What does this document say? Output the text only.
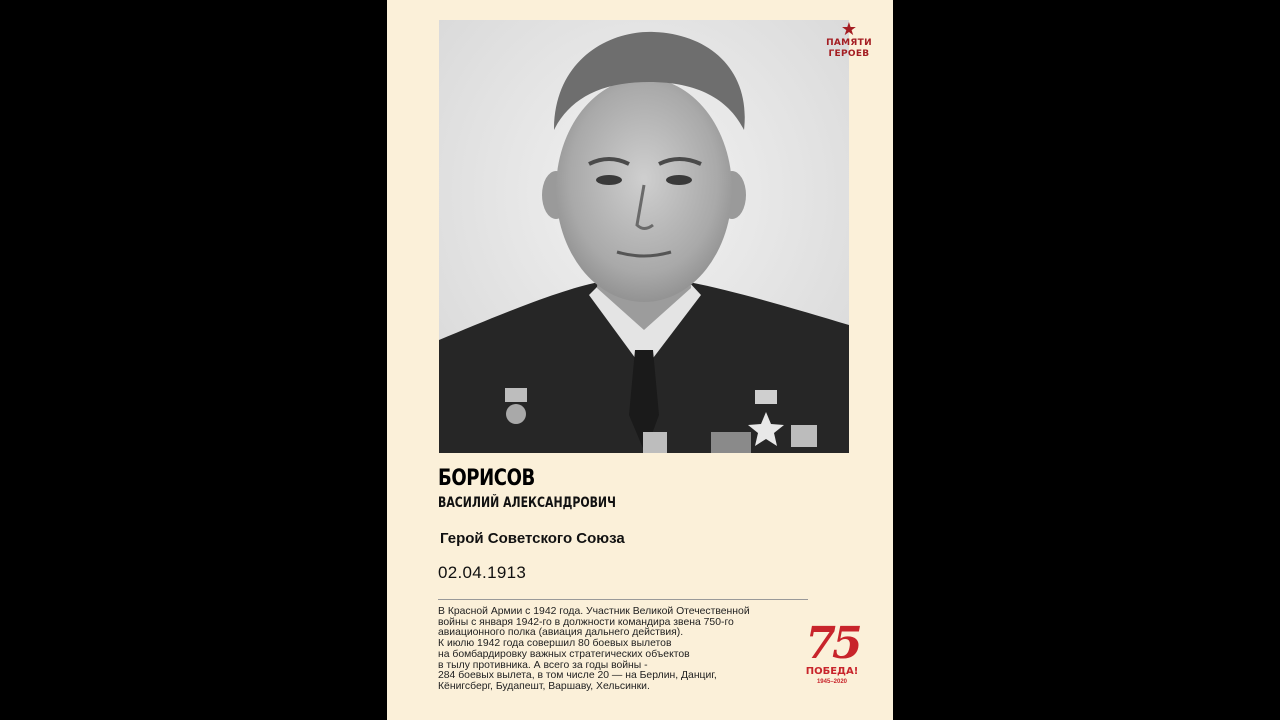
★
ПАМЯТИ
ГЕРОЕВ
БОРИСОВ
ВАСИЛИЙ АЛЕКСАНДРОВИЧ
Герой Советского Союза
02.04.1913
В Красной Армии с 1942 года. Участник Великой Отечественной
войны с января 1942-го в должности командира звена 750-го
авиационного полка (авиация дальнего действия).
К июлю 1942 года совершил 80 боевых вылетов
на бомбардировку важных стратегических объектов
в тылу противника. А всего за годы войны -
284 боевых вылета, в том числе 20 — на Берлин, Данциг,
Кёнигсберг, Будапешт, Варшаву, Хельсинки.
75
ПОБЕДА!
1945–2020
